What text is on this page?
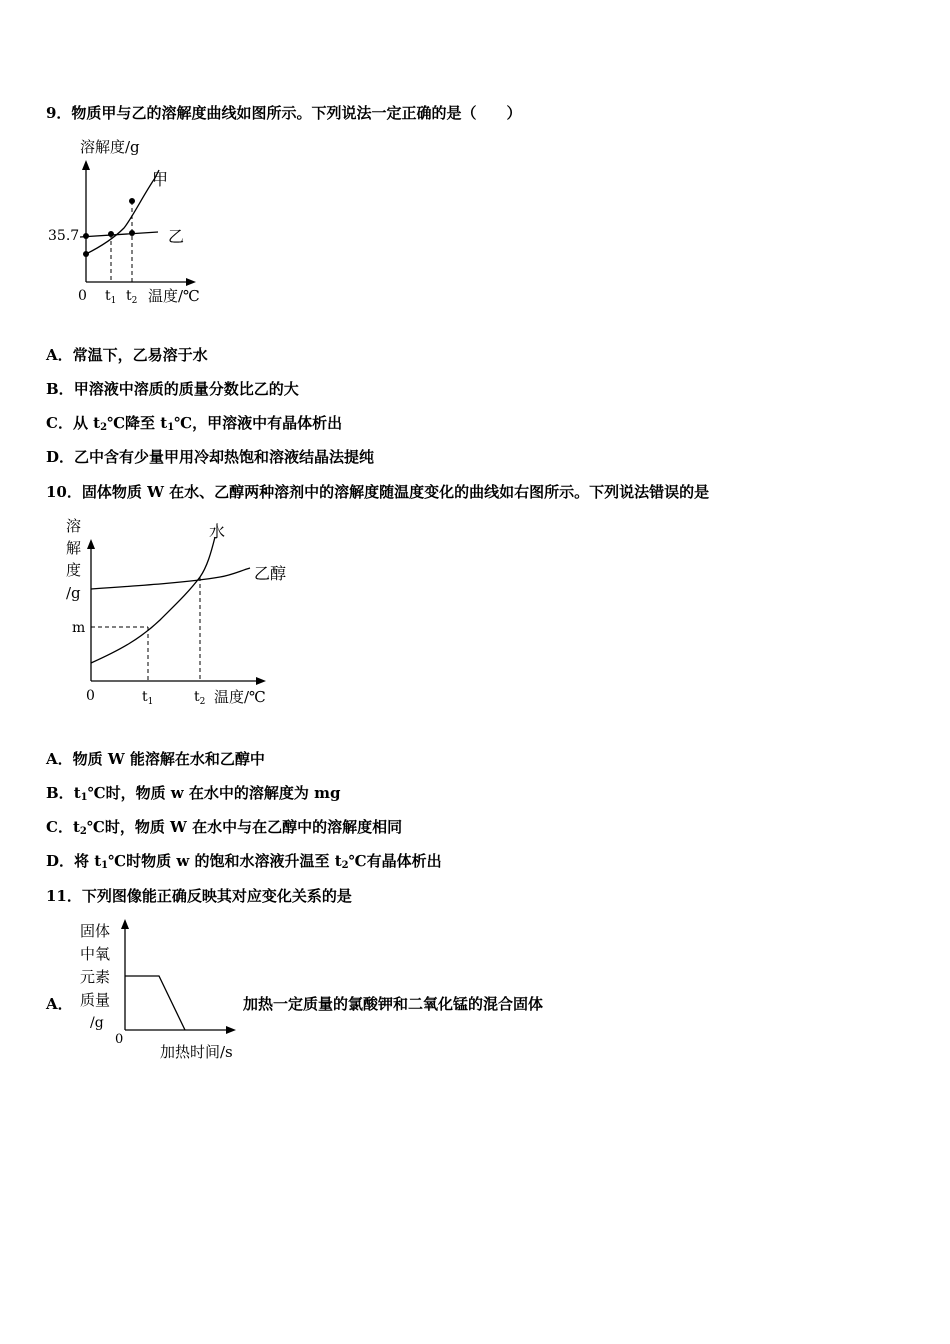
9．物质甲与乙的溶解度曲线如图所示。下列说法一定正确的是（　　）
溶解度/g
35.7
甲
乙
0 $t_1$ $t_2$ 温度/℃
A．常温下，乙易溶于水
B．甲溶液中溶质的质量分数比乙的大
C．从 $t_2℃$降至 $t_1℃$，甲溶液中有晶体析出
D．乙中含有少量甲用冷却热饱和溶液结晶法提纯
10．固体物质 W 在水、乙醇两种溶剂中的溶解度随温度变化的曲线如右图所示。下列说法错误的是
溶
解
度
/g
m
水
乙醇
0	$t_1$	$t_2$ 温度/℃
A．物质 W 能溶解在水和乙醇中
B．$t_1℃$时，物质 w 在水中的溶解度为 mg
C．$t_2℃$时，物质 W 在水中与在乙醇中的溶解度相同
D．将 $t_1℃$时物质 w 的饱和水溶液升温至 $t_2℃$有晶体析出
11．下列图像能正确反映其对应变化关系的是
A．
固体
中氧
元素
质量
/g
0
加热时间/s
加热一定质量的氯酸钾和二氧化锰的混合固体
